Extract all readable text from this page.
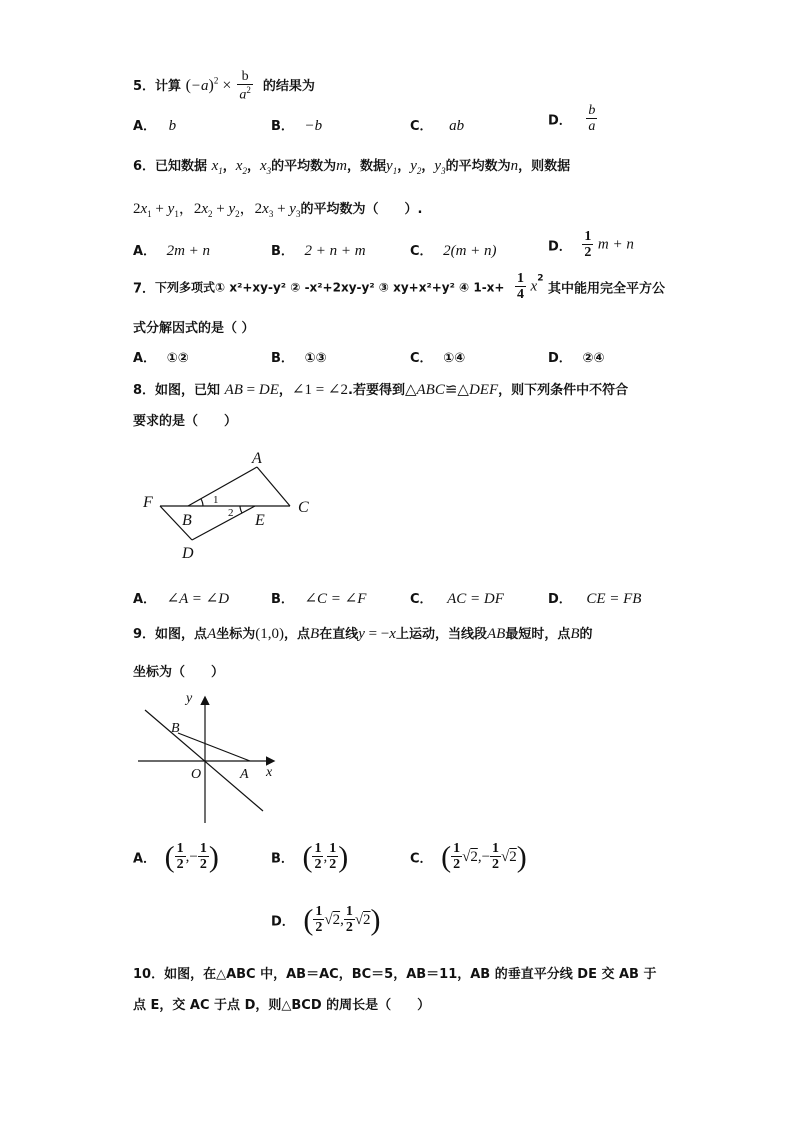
5．计算 $(-a)^2 \times \frac{b}{a^2}$ 的结果为
A． b	B． −b	C． ab	D． $\frac{b}{a}$
6．已知数据 $x_1$，$x_2$，$x_3$的平均数为m，数据$y_1$，$y_2$，$y_3$的平均数为n，则数据
$2x_1 + y_1$，$2x_2 + y_2$，$2x_3 + y_3$的平均数为（　　）.
A． 2m + n	B． 2 + n + m	C． 2(m + n)	D． $\frac{1}{2}$ m + n
7．下列多项式① x²+xy-y² ② -x²+2xy-y² ③ xy+x²+y² ④ $1-x+ \frac{1}{4} x^2$ 其中能用完全平方公
式分解因式的是（ ）
A． ①②	B． ①③	C． ①④	D． ②④
8．如图，已知 AB = DE，∠1 = ∠2.若要得到△ABC≌△DEF，则下列条件中不符合
要求的是（　　）
A
F	C
B	E
D
1
2
A． ∠A = ∠D	B． ∠C = ∠F	C． AC = DF	D． CE = FB
9．如图，点A坐标为(1,0)，点B在直线y = −x上运动，当线段AB最短时，点B的
坐标为（　　）
y
x
B
O	A
A． ( $\frac{1}{2}$ ,− $\frac{1}{2}$ )	B． ( $\frac{1}{2}$ , $\frac{1}{2}$ )	C． ( $\frac{1}{2} √2,- \frac{1}{2} √2$)
D． ( $\frac{1}{2} √2$, $\frac{1}{2} √2$)
10．如图，在△ABC 中，AB＝AC，BC＝5，AB＝11，AB 的垂直平分线 DE 交 AB 于
点 E，交 AC 于点 D，则△BCD 的周长是（　　）
